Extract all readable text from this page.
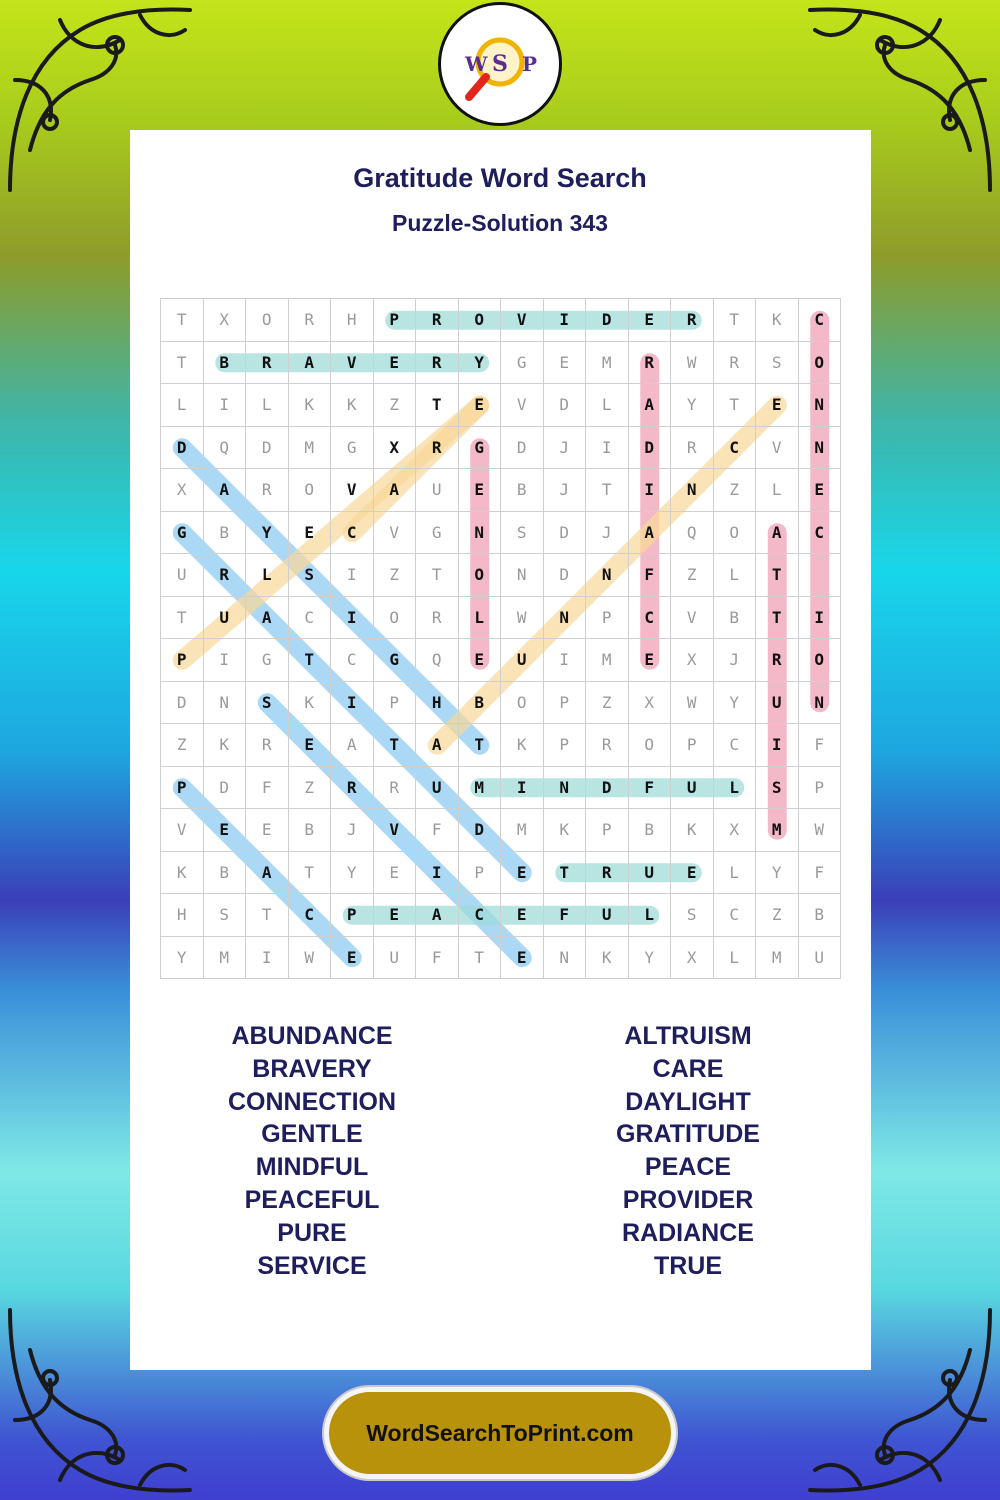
W S P
Gratitude Word Search
Puzzle-Solution 343
T	X	O	R	H	P	R	O	V	I	D	E	R	T	K	C
T	B	R	A	V	E	R	Y	G	E	M	R	W	R	S	O
L	I	L	K	K	Z	T	E	V	D	L	A	Y	T	E	N
D	Q	D	M	G	X	R	G	D	J	I	D	R	C	V	N
X	A	R	O	V	A	U	E	B	J	T	I	N	Z	L	E
G	B	Y	E	C	V	G	N	S	D	J	A	Q	O	A	C
U	R	L	S	I	Z	T	O	N	D	N	F	Z	L	T
T	U	A	C	I	O	R	L	W	N	P	C	V	B	T	I
P	I	G	T	C	G	Q	E	U	I	M	E	X	J	R	O
D	N	S	K	I	P	H	B	O	P	Z	X	W	Y	U	N
Z	K	R	E	A	T	A	T	K	P	R	O	P	C	I	F
P	D	F	Z	R	R	U	M	I	N	D	F	U	L	S	P
V	E	E	B	J	V	F	D	M	K	P	B	K	X	M	W
K	B	A	T	Y	E	I	P	E	T	R	U	E	L	Y	F
H	S	T	C	P	E	A	C	E	F	U	L	S	C	Z	B
Y	M	I	W	E	U	F	T	E	N	K	Y	X	L	M	U
ABUNDANCE
BRAVERY
CONNECTION
GENTLE
MINDFUL
PEACEFUL
PURE
SERVICE
ALTRUISM
CARE
DAYLIGHT
GRATITUDE
PEACE
PROVIDER
RADIANCE
TRUE
WordSearchToPrint.com
